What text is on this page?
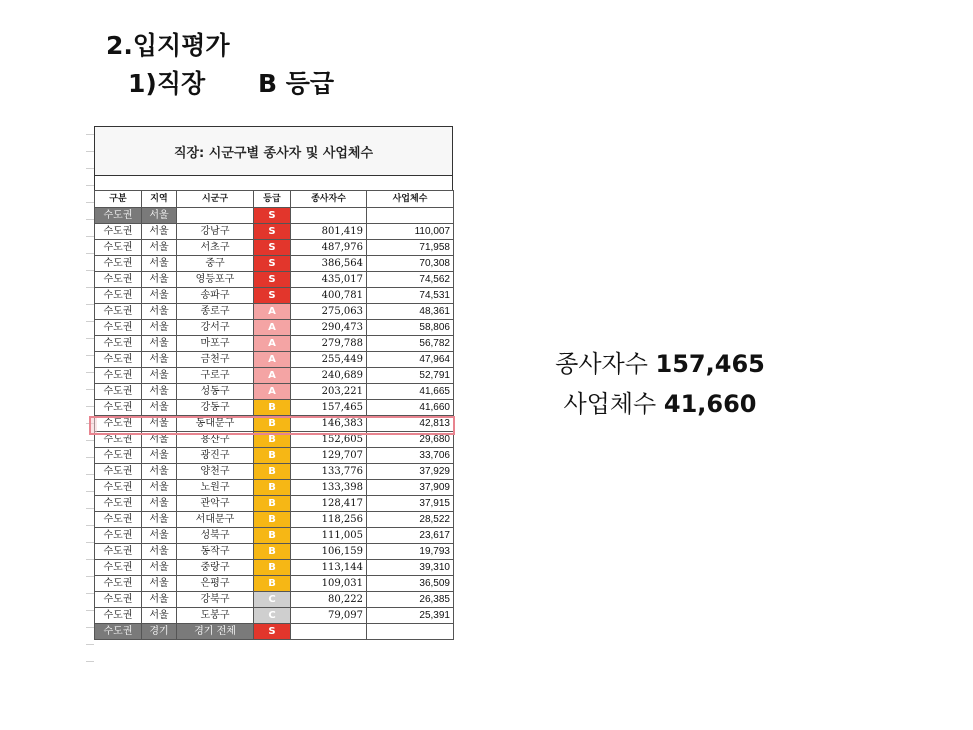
2.입지평가
1)직장 B 등급
직장: 시군구별 종사자 및 사업체수
구분	지역	시군구	등급	종사자수	사업체수
수도권	서울		S		
수도권	서울	강남구	S	801,419	110,007
수도권	서울	서초구	S	487,976	71,958
수도권	서울	중구	S	386,564	70,308
수도권	서울	영등포구	S	435,017	74,562
수도권	서울	송파구	S	400,781	74,531
수도권	서울	종로구	A	275,063	48,361
수도권	서울	강서구	A	290,473	58,806
수도권	서울	마포구	A	279,788	56,782
수도권	서울	금천구	A	255,449	47,964
수도권	서울	구로구	A	240,689	52,791
수도권	서울	성동구	A	203,221	41,665
수도권	서울	강동구	B	157,465	41,660
수도권	서울	동대문구	B	146,383	42,813
수도권	서울	용산구	B	152,605	29,680
수도권	서울	광진구	B	129,707	33,706
수도권	서울	양천구	B	133,776	37,929
수도권	서울	노원구	B	133,398	37,909
수도권	서울	관악구	B	128,417	37,915
수도권	서울	서대문구	B	118,256	28,522
수도권	서울	성북구	B	111,005	23,617
수도권	서울	동작구	B	106,159	19,793
수도권	서울	중랑구	B	113,144	39,310
수도권	서울	은평구	B	109,031	36,509
수도권	서울	강북구	C	80,222	26,385
수도권	서울	도봉구	C	79,097	25,391
수도권	경기	경기 전체	S		
종사자수 157,465
사업체수 41,660
